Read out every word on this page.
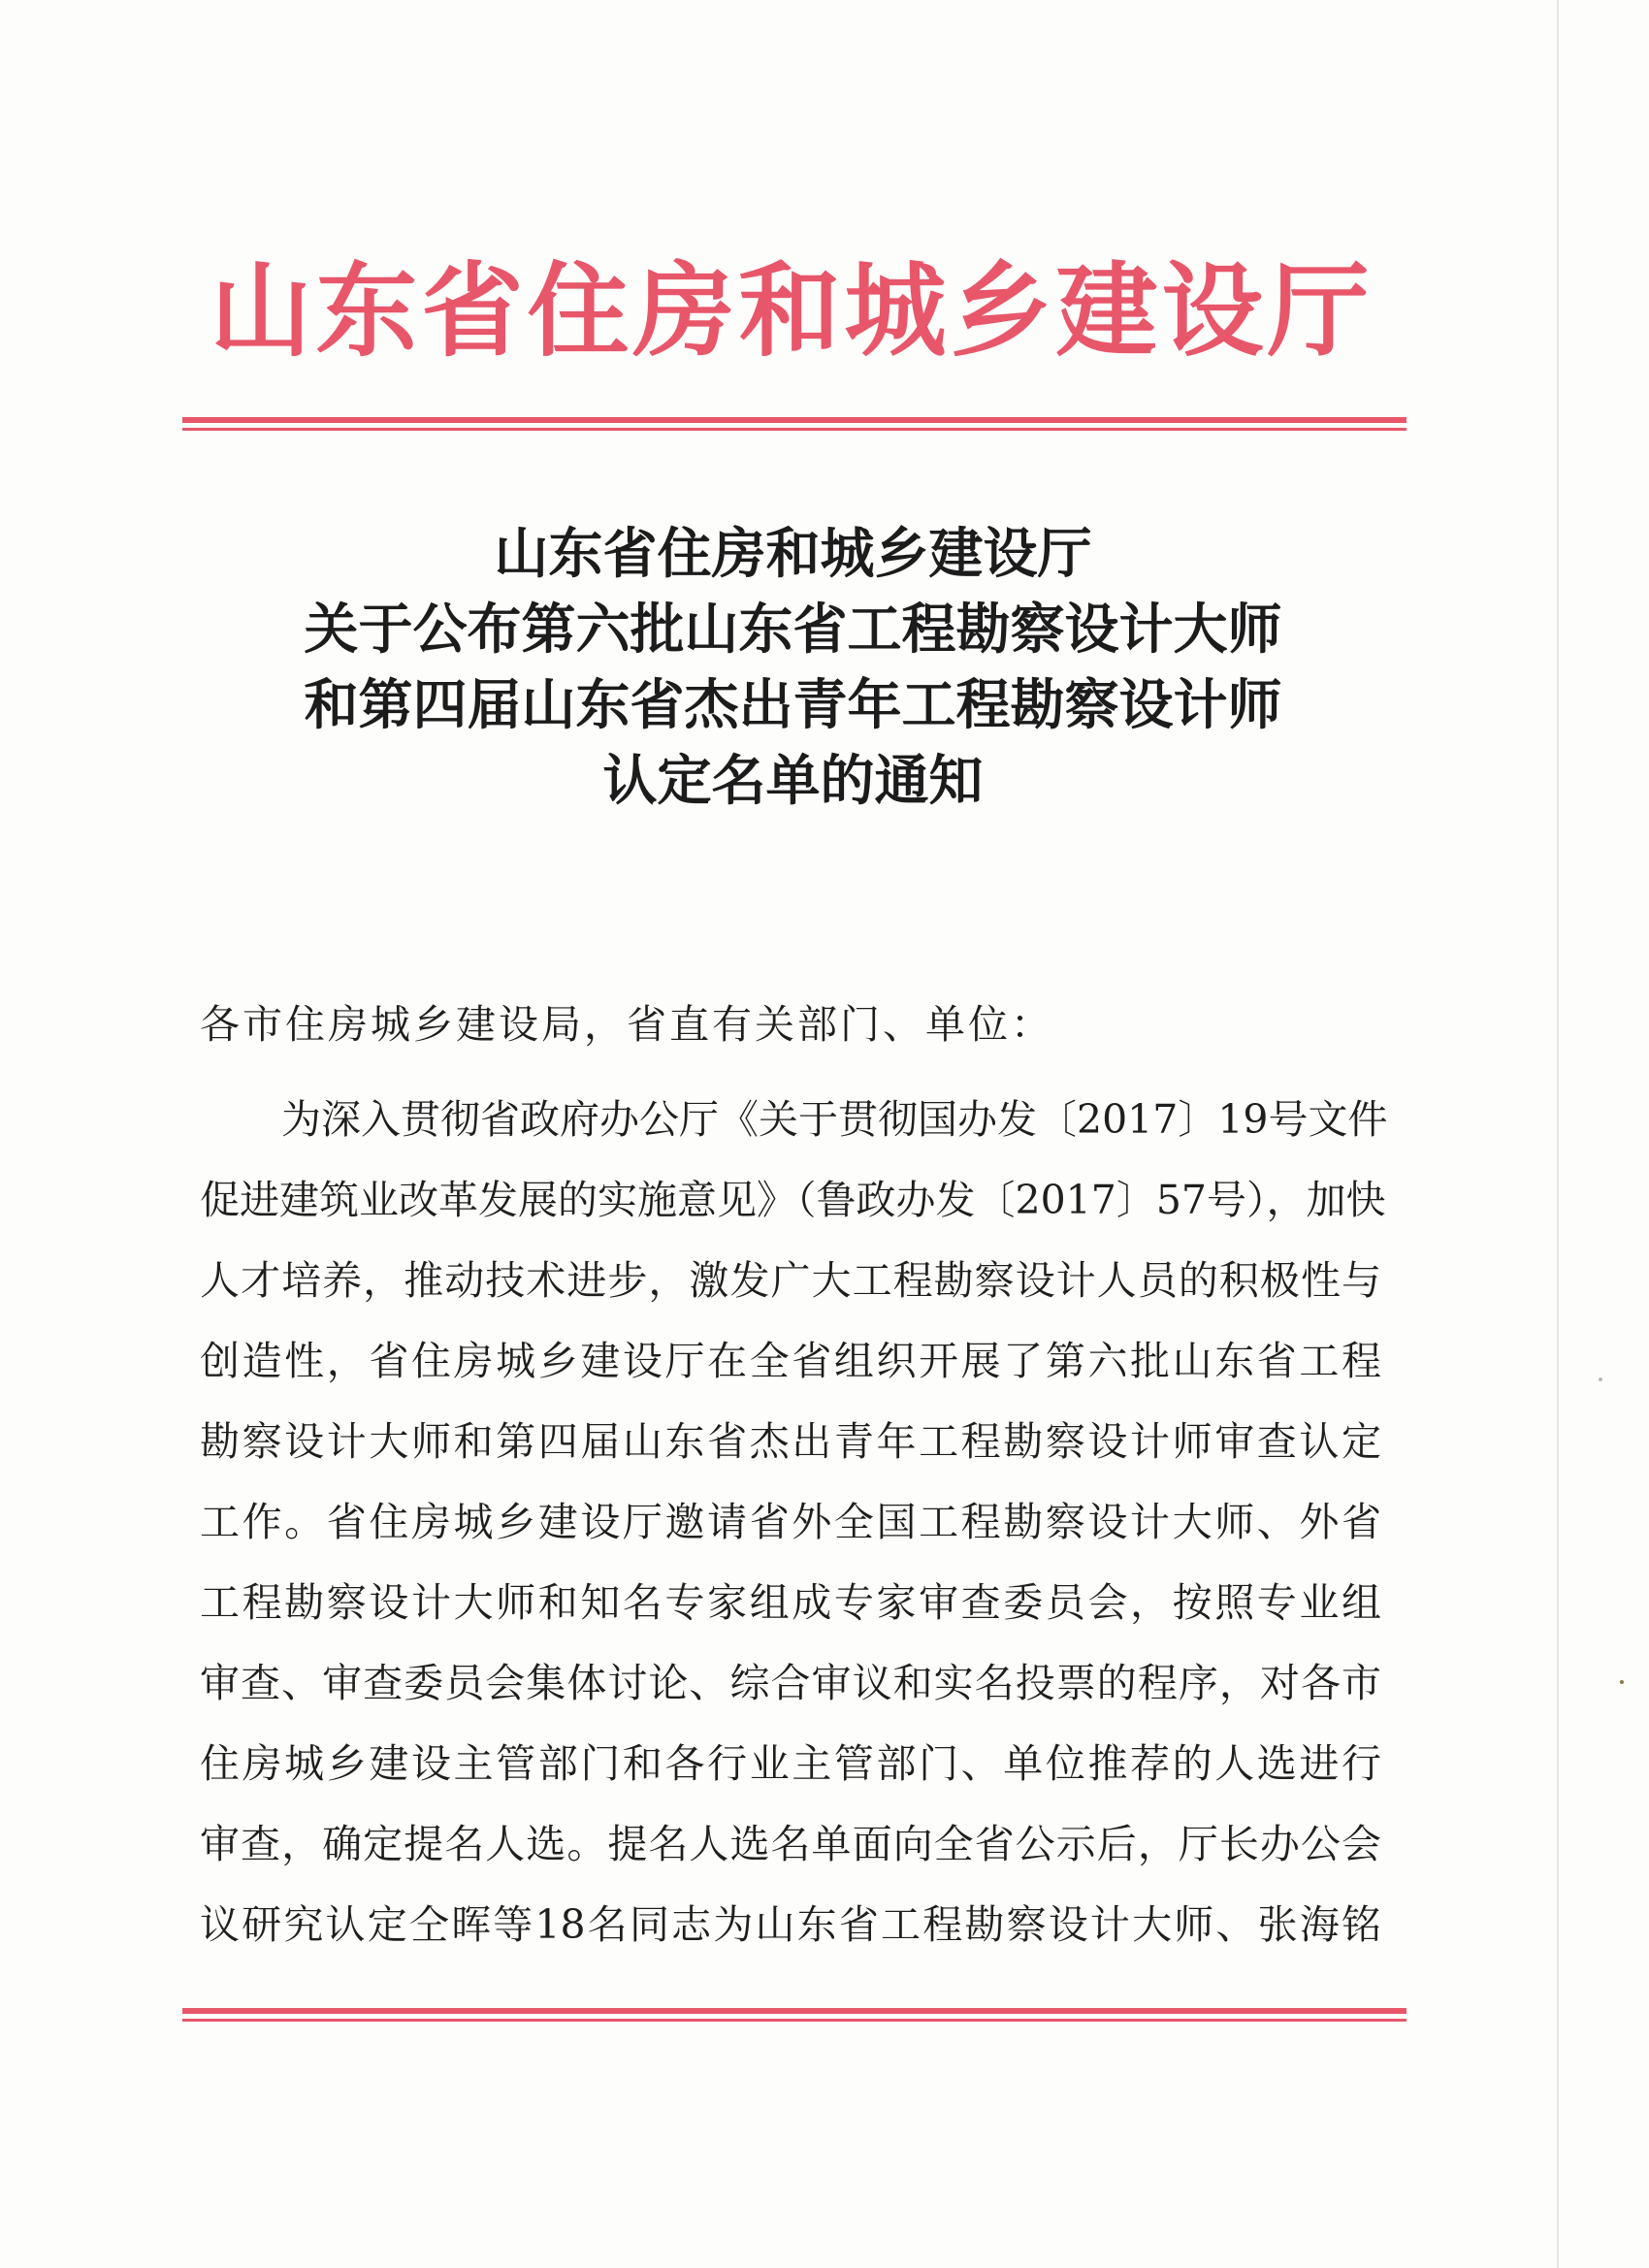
山东省住房和城乡建设厅
山东省住房和城乡建设厅
关于公布第六批山东省工程勘察设计大师
和第四届山东省杰出青年工程勘察设计师
认定名单的通知

各市住房城乡建设局，省直有关部门、单位：

为深入贯彻省政府办公厅《关于贯彻国办发〔2017〕19号文件
促进建筑业改革发展的实施意见》（鲁政办发〔2017〕57号），加快
人才培养，推动技术进步，激发广大工程勘察设计人员的积极性与
创造性，省住房城乡建设厅在全省组织开展了第六批山东省工程
勘察设计大师和第四届山东省杰出青年工程勘察设计师审查认定
工作。省住房城乡建设厅邀请省外全国工程勘察设计大师、外省
工程勘察设计大师和知名专家组成专家审查委员会，按照专业组
审查、审查委员会集体讨论、综合审议和实名投票的程序，对各市
住房城乡建设主管部门和各行业主管部门、单位推荐的人选进行
审查，确定提名人选。提名人选名单面向全省公示后，厅长办公会
议研究认定仝晖等18名同志为山东省工程勘察设计大师、张海铭
